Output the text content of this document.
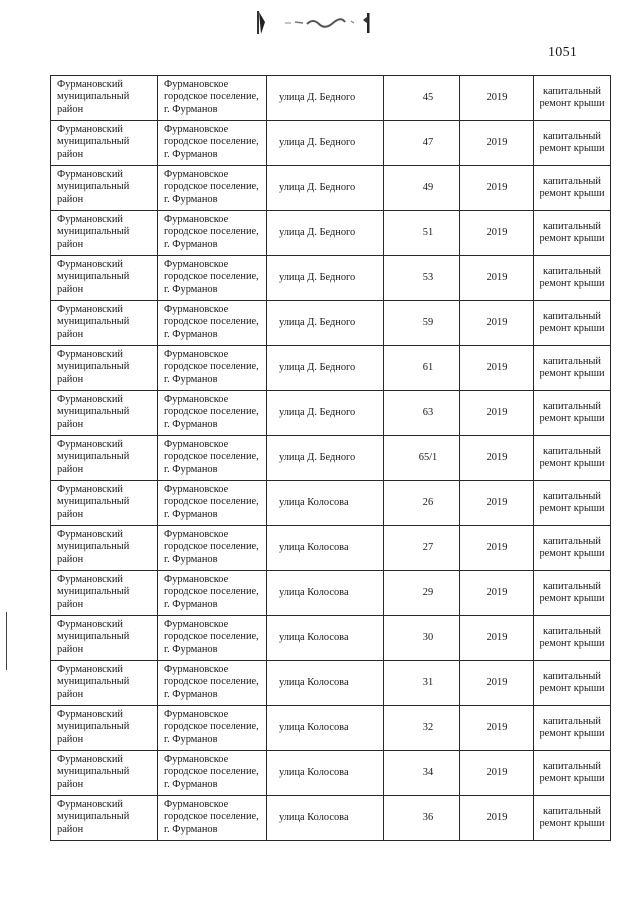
1051
Фурмановский муниципальный район	Фурмановское городское поселение, г. Фурманов	улица Д. Бедного	45	2019	капитальный ремонт крыши
Фурмановский муниципальный район	Фурмановское городское поселение, г. Фурманов	улица Д. Бедного	47	2019	капитальный ремонт крыши
Фурмановский муниципальный район	Фурмановское городское поселение, г. Фурманов	улица Д. Бедного	49	2019	капитальный ремонт крыши
Фурмановский муниципальный район	Фурмановское городское поселение, г. Фурманов	улица Д. Бедного	51	2019	капитальный ремонт крыши
Фурмановский муниципальный район	Фурмановское городское поселение, г. Фурманов	улица Д. Бедного	53	2019	капитальный ремонт крыши
Фурмановский муниципальный район	Фурмановское городское поселение, г. Фурманов	улица Д. Бедного	59	2019	капитальный ремонт крыши
Фурмановский муниципальный район	Фурмановское городское поселение, г. Фурманов	улица Д. Бедного	61	2019	капитальный ремонт крыши
Фурмановский муниципальный район	Фурмановское городское поселение, г. Фурманов	улица Д. Бедного	63	2019	капитальный ремонт крыши
Фурмановский муниципальный район	Фурмановское городское поселение, г. Фурманов	улица Д. Бедного	65/1	2019	капитальный ремонт крыши
Фурмановский муниципальный район	Фурмановское городское поселение, г. Фурманов	улица Колосова	26	2019	капитальный ремонт крыши
Фурмановский муниципальный район	Фурмановское городское поселение, г. Фурманов	улица Колосова	27	2019	капитальный ремонт крыши
Фурмановский муниципальный район	Фурмановское городское поселение, г. Фурманов	улица Колосова	29	2019	капитальный ремонт крыши
Фурмановский муниципальный район	Фурмановское городское поселение, г. Фурманов	улица Колосова	30	2019	капитальный ремонт крыши
Фурмановский муниципальный район	Фурмановское городское поселение, г. Фурманов	улица Колосова	31	2019	капитальный ремонт крыши
Фурмановский муниципальный район	Фурмановское городское поселение, г. Фурманов	улица Колосова	32	2019	капитальный ремонт крыши
Фурмановский муниципальный район	Фурмановское городское поселение, г. Фурманов	улица Колосова	34	2019	капитальный ремонт крыши
Фурмановский муниципальный район	Фурмановское городское поселение, г. Фурманов	улица Колосова	36	2019	капитальный ремонт крыши
